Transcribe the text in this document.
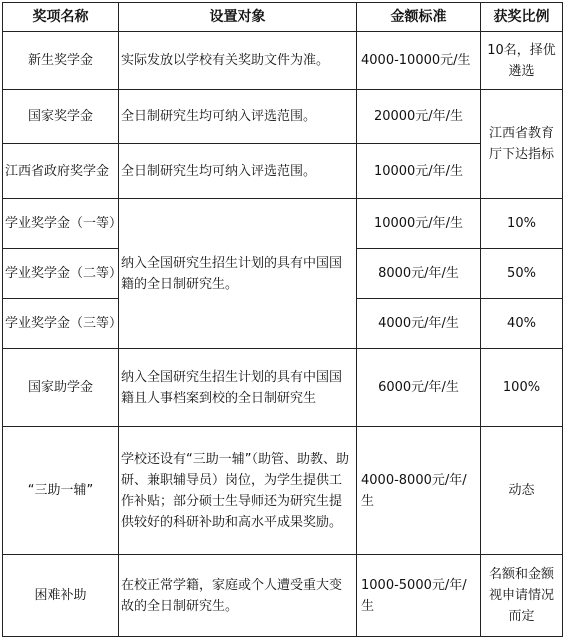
奖项名称	设置对象	金额标准	获奖比例
新生奖学金	实际发放以学校有关奖助文件为准。	4000-10000元/生	10名，择优遴选
国家奖学金	全日制研究生均可纳入评选范围。	20000元/年/生	江西省教育厅下达指标
江西省政府奖学金	全日制研究生均可纳入评选范围。	10000元/年/生	
学业奖学金（一等）	纳入全国研究生招生计划的具有中国国籍的全日制研究生。	10000元/年/生	10%
学业奖学金（二等）		8000元/年/生	50%
学业奖学金（三等）		4000元/年/生	40%
国家助学金	纳入全国研究生招生计划的具有中国国籍且人事档案到校的全日制研究生	6000元/年/生	100%
“三助一辅”	学校还设有“三助一辅”（助管、助教、助研、兼职辅导员）岗位，为学生提供工作补贴；部分硕士生导师还为研究生提供较好的科研补助和高水平成果奖励。	4000-8000元/年/生	动态
困难补助	在校正常学籍，家庭或个人遭受重大变故的全日制研究生。	1000-5000元/年/生	名额和金额视申请情况而定
